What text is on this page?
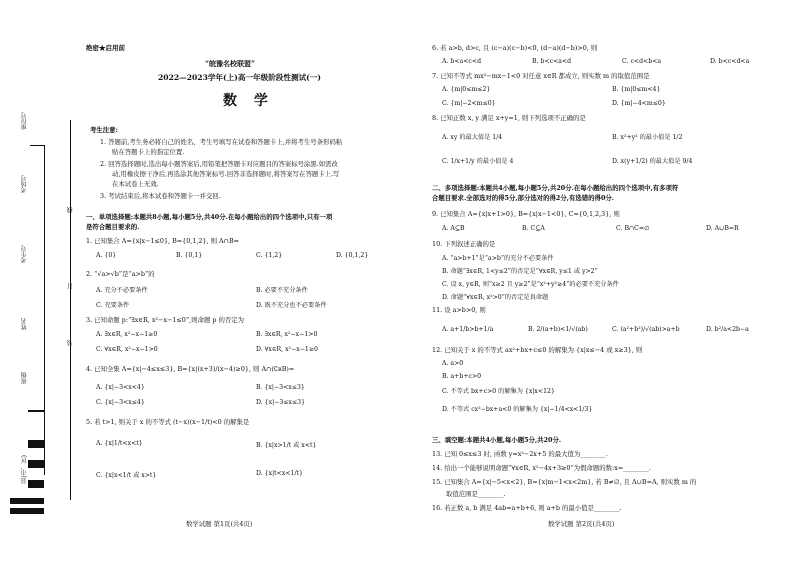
座位号
考场号
考生号
姓名
班级
县(市、区)
线
订
装
绝密★启用前
“皖豫名校联盟”
2022—2023学年(上)高一年级阶段性测试(一)
数 学
考生注意:
1. 答题前,考生务必将自己的姓名、考生号填写在试卷和答题卡上,并将考生号条形码粘
贴在答题卡上的指定位置.
2. 回答选择题时,选出每小题答案后,用铅笔把答题卡对应题目的答案标号涂黑.如需改
动,用橡皮擦干净后,再选涂其他答案标号.回答非选择题时,将答案写在答题卡上.写
在本试卷上无效.
3. 考试结束后,将本试卷和答题卡一并交回.
一、单项选择题:本题共8小题,每小题5分,共40分.在每小题给出的四个选项中,只有一项
是符合题目要求的.
1. 已知集合 A={x|x−1≤0}, B={0,1,2}, 则 A∩B=
A. {0}	B. {0,1}	C. {1,2}	D. {0,1,2}
2. “√a>√b”是“a>b”的
A. 充分不必要条件	B. 必要不充分条件
C. 充要条件	D. 既不充分也不必要条件
3. 已知命题 p:“∃x∈R, x²−x−1≤0”,则命题 p 的否定为
A. ∃x∈R, x²−x−1≥0	B. ∃x∈R, x²−x−1>0
C. ∀x∈R, x²−x−1>0	D. ∀x∈R, x²−x−1≥0
4. 已知全集 A={x|−4≤x≤3}, B={x|(x+3)/(x−4)≥0}, 则 A∩(∁ʀB)=
A. {x|−3<x<4}	B. {x|−3<x≤3}
C. {x|−3<x≤4}	D. {x|−3≤x≤3}
5. 若 t>1, 则关于 x 的不等式 (t−x)(x−1/t)<0 的解集是
A. {x|1/t<x<t}	B. {x|x>1/t 或 x<t}
C. {x|x<1/t 或 x>t}	D. {x|t<x<1/t}
数学试题 第1页(共4页)
6. 若 a>b, d>c, 且 (c−a)(c−b)<0, (d−a)(d−b)>0, 则
A. b<a<c<d	B. b<c<a<d	C. c<d<b<a	D. b<c<d<a
7. 已知不等式 mx²−mx−1<0 对任意 x∈R 都成立, 则实数 m 的取值范围是
A. {m|0≤m≤2}	B. {m|0≤m<4}
C. {m|−2<m≤0}	D. {m|−4<m≤0}
8. 已知正数 x, y 满足 x+y=1, 则下列选项不正确的是
A. xy 的最大值是 1/4	B. x²+y² 的最小值是 1/2
C. 1/x+1/y 的最小值是 4	D. x(y+1/2) 的最大值是 9/4
二、多项选择题:本题共4小题,每小题5分,共20分.在每小题给出的四个选项中,有多项符
合题目要求.全部选对的得5分,部分选对的得2分,有选错的得0分.
9. 已知集合 A={x|x+1>0}, B={x|x−1<0}, C={0,1,2,3}, 则
A. A⊆B	B. C⊆A	C. B∩C=∅	D. A∪B=R
10. 下列叙述正确的是
A. “a>b+1”是“a>b”的充分不必要条件
B. 命题“∃x∈R, 1<y≤2”的否定是“∀x∈R, y≤1 或 y>2”
C. 设 x, y∈R, 则“x≥2 且 y≥2”是“x²+y²≥4”的必要不充分条件
D. 命题“∀x∈R, x²>0”的否定是真命题
11. 设 a>b>0, 则
A. a+1/b>b+1/a	B. 2/(a+b)<1/√(ab)	C. (a²+b²)/√(ab)>a+b	D. b²/a<2b−a
12. 已知关于 x 的不等式 ax²+bx+c≤0 的解集为 {x|x≤−4 或 x≥3}, 则
A. a>0
B. a+b+c>0
C. 不等式 bx+c>0 的解集为 {x|x<12}
D. 不等式 cx²−bx+a<0 的解集为 {x|−1/4<x<1/3}
三、填空题:本题共4小题,每小题5分,共20分.
13. 已知 0≤x≤3 时, 函数 y=x²−2x+5 的最大值为________.
14. 给出一个能够说明命题“∀x∈R, x²−4x+3≥0”为假命题的数:x=________.
15. 已知集合 A={x|−5<x<2}, B={x|m−1<x<2m}, 若 B≠∅, 且 A∪B=A, 则实数 m 的
取值范围是________.
16. 若正数 a, b 满足 4ab=a+b+6, 则 a+b 的最小值是________.
数学试题 第2页(共4页)
